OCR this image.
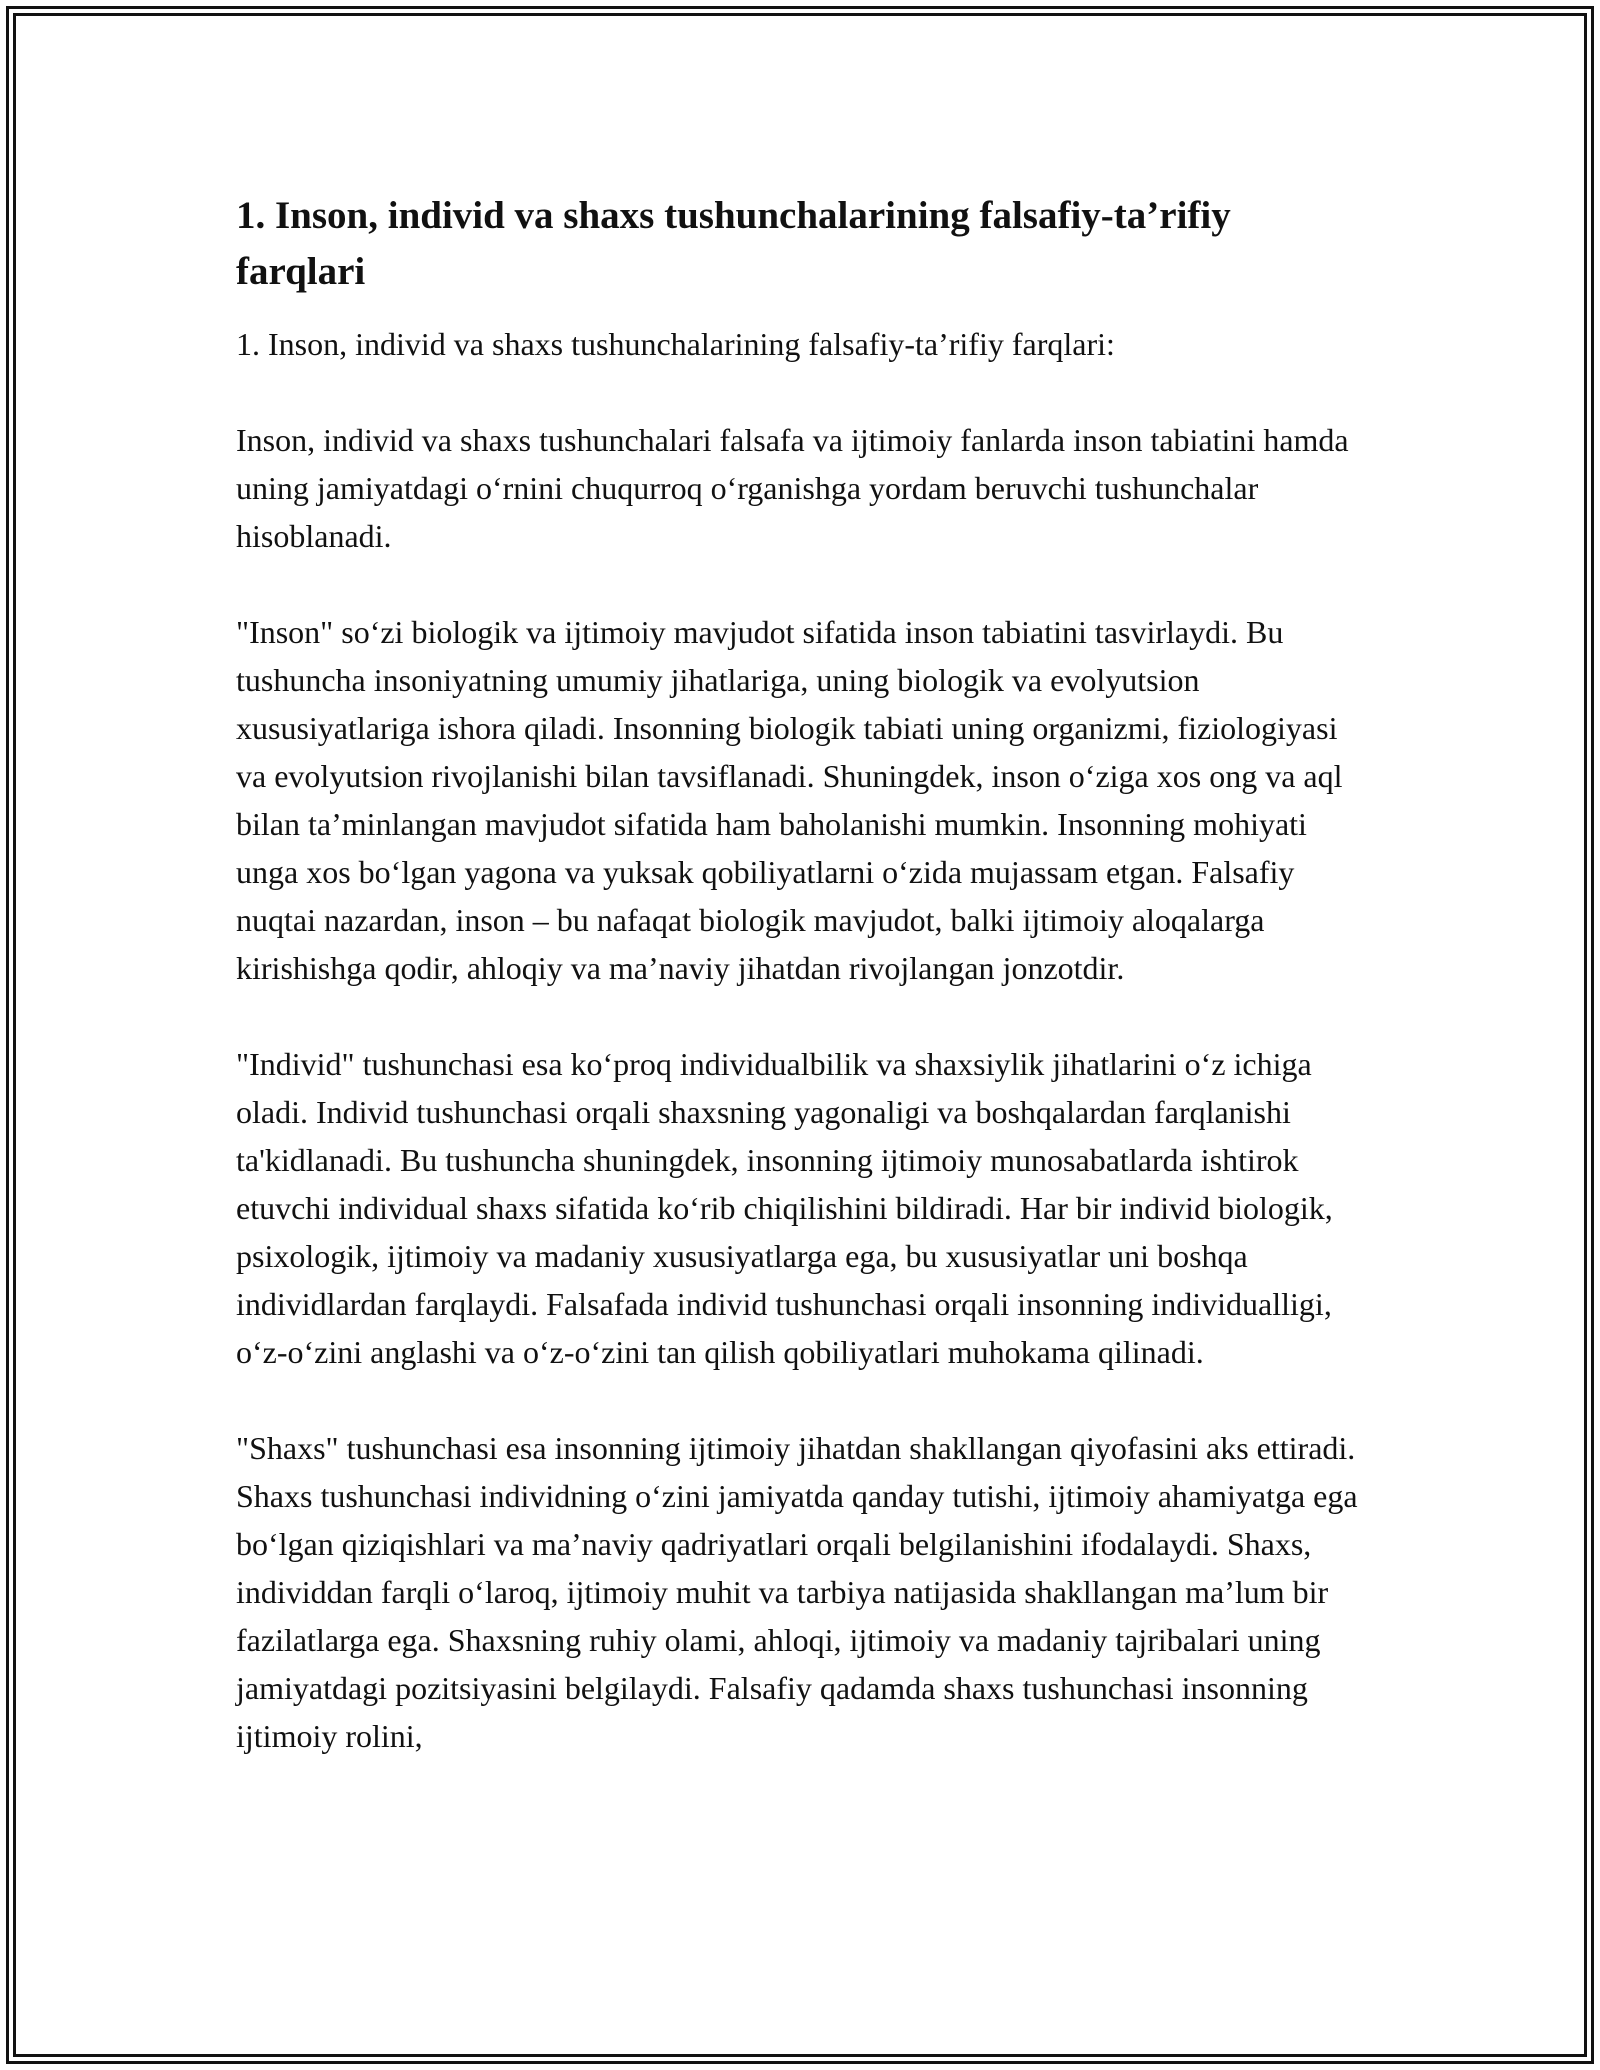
1. Inson, individ va shaxs tushunchalarining falsafiy-ta’rifiy farqlari

1. Inson, individ va shaxs tushunchalarining falsafiy-ta’rifiy farqlari:

Inson, individ va shaxs tushunchalari falsafa va ijtimoiy fanlarda inson tabiatini hamda uning jamiyatdagi o‘rnini chuqurroq o‘rganishga yordam beruvchi tushunchalar hisoblanadi.

"Inson" so‘zi biologik va ijtimoiy mavjudot sifatida inson tabiatini tasvirlaydi. Bu tushuncha insoniyatning umumiy jihatlariga, uning biologik va evolyutsion xususiyatlariga ishora qiladi. Insonning biologik tabiati uning organizmi, fiziologiyasi va evolyutsion rivojlanishi bilan tavsiflanadi. Shuningdek, inson o‘ziga xos ong va aql bilan ta’minlangan mavjudot sifatida ham baholanishi mumkin. Insonning mohiyati unga xos bo‘lgan yagona va yuksak qobiliyatlarni o‘zida mujassam etgan. Falsafiy nuqtai nazardan, inson – bu nafaqat biologik mavjudot, balki ijtimoiy aloqalarga kirishishga qodir, ahloqiy va ma’naviy jihatdan rivojlangan jonzotdir.

"Individ" tushunchasi esa ko‘proq individualbilik va shaxsiylik jihatlarini o‘z ichiga oladi. Individ tushunchasi orqali shaxsning yagonaligi va boshqalardan farqlanishi ta'kidlanadi. Bu tushuncha shuningdek, insonning ijtimoiy munosabatlarda ishtirok etuvchi individual shaxs sifatida ko‘rib chiqilishini bildiradi. Har bir individ biologik, psixologik, ijtimoiy va madaniy xususiyatlarga ega, bu xususiyatlar uni boshqa individlardan farqlaydi. Falsafada individ tushunchasi orqali insonning individualligi, o‘z-o‘zini anglashi va o‘z-o‘zini tan qilish qobiliyatlari muhokama qilinadi.

"Shaxs" tushunchasi esa insonning ijtimoiy jihatdan shakllangan qiyofasini aks ettiradi. Shaxs tushunchasi individning o‘zini jamiyatda qanday tutishi, ijtimoiy ahamiyatga ega bo‘lgan qiziqishlari va ma’naviy qadriyatlari orqali belgilanishini ifodalaydi. Shaxs, individdan farqli o‘laroq, ijtimoiy muhit va tarbiya natijasida shakllangan ma’lum bir fazilatlarga ega. Shaxsning ruhiy olami, ahloqi, ijtimoiy va madaniy tajribalari uning jamiyatdagi pozitsiyasini belgilaydi. Falsafiy qadamda shaxs tushunchasi insonning ijtimoiy rolini,
